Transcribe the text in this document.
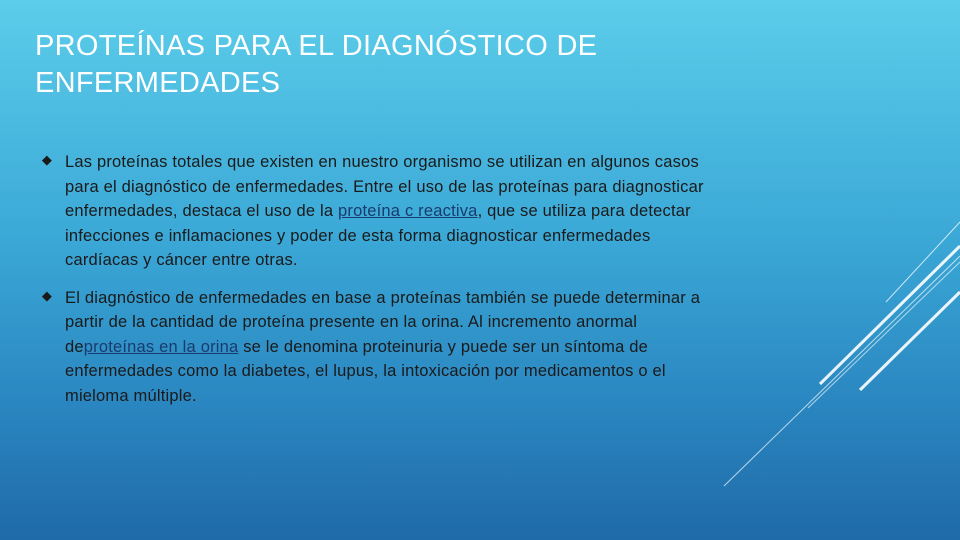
PROTEÍNAS PARA EL DIAGNÓSTICO DE ENFERMEDADES
◆ Las proteínas totales que existen en nuestro organismo se utilizan en algunos casos para el diagnóstico de enfermedades. Entre el uso de las proteínas para diagnosticar enfermedades, destaca el uso de la proteína c reactiva, que se utiliza para detectar infecciones e inflamaciones y poder de esta forma diagnosticar enfermedades cardíacas y cáncer entre otras.
◆ El diagnóstico de enfermedades en base a proteínas también se puede determinar a partir de la cantidad de proteína presente en la orina. Al incremento anormal deproteínas en la orina se le denomina proteinuria y puede ser un síntoma de enfermedades como la diabetes, el lupus, la intoxicación por medicamentos o el mieloma múltiple.
